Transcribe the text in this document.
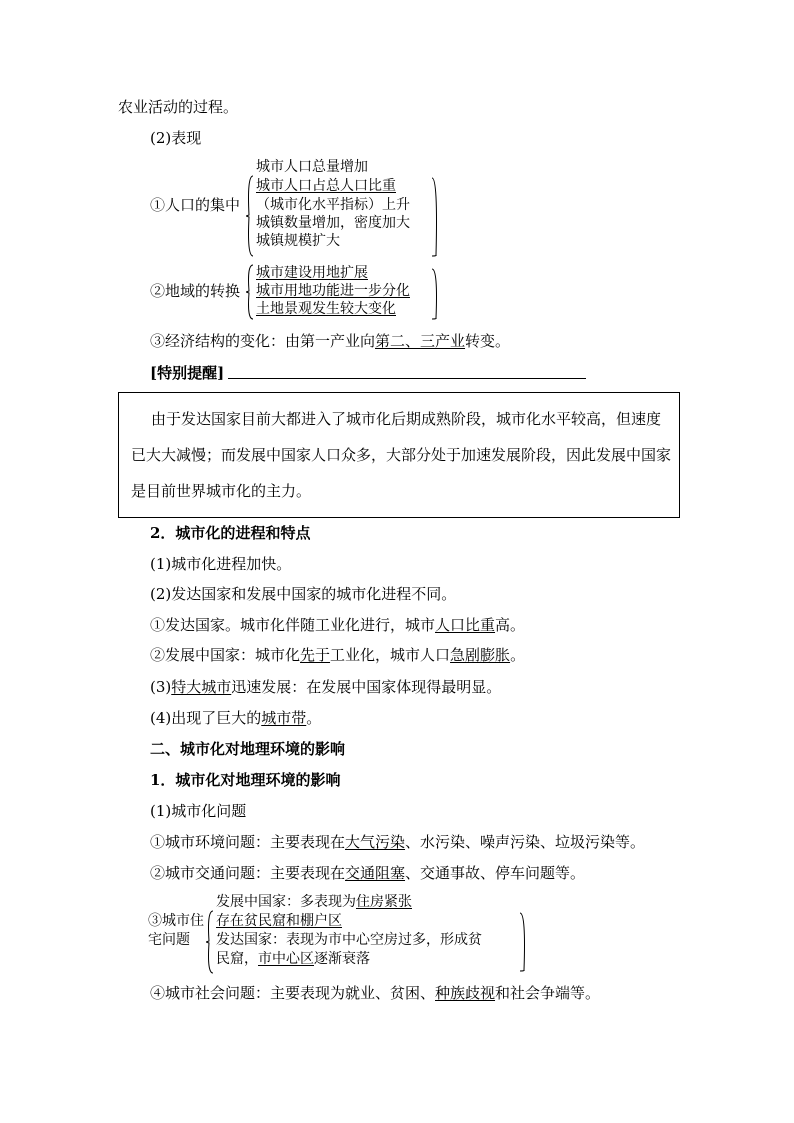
农业活动的过程。
(2)表现
①人口的集中
城市人口总量增加
城市人口占总人口比重
（城市化水平指标）上升
城镇数量增加，密度加大
城镇规模扩大
②地域的转换
城市建设用地扩展
城市用地功能进一步分化
土地景观发生较大变化
③经济结构的变化：由第一产业向第二、三产业转变。
[特别提醒]
由于发达国家目前大都进入了城市化后期成熟阶段，城市化水平较高，但速度已大大减慢；而发展中国家人口众多，大部分处于加速发展阶段，因此发展中国家是目前世界城市化的主力。
2．城市化的进程和特点
(1)城市化进程加快。
(2)发达国家和发展中国家的城市化进程不同。
①发达国家。城市化伴随工业化进行，城市人口比重高。
②发展中国家：城市化先于工业化，城市人口急剧膨胀。
(3)特大城市迅速发展：在发展中国家体现得最明显。
(4)出现了巨大的城市带。
二、城市化对地理环境的影响
1．城市化对地理环境的影响
(1)城市化问题
①城市环境问题：主要表现在大气污染、水污染、噪声污染、垃圾污染等。
②城市交通问题：主要表现在交通阻塞、交通事故、停车问题等。
③城市住
宅问题
发展中国家：多表现为住房紧张
存在贫民窟和棚户区
发达国家：表现为市中心空房过多，形成贫
民窟，市中心区逐渐衰落
④城市社会问题：主要表现为就业、贫困、种族歧视和社会争端等。
